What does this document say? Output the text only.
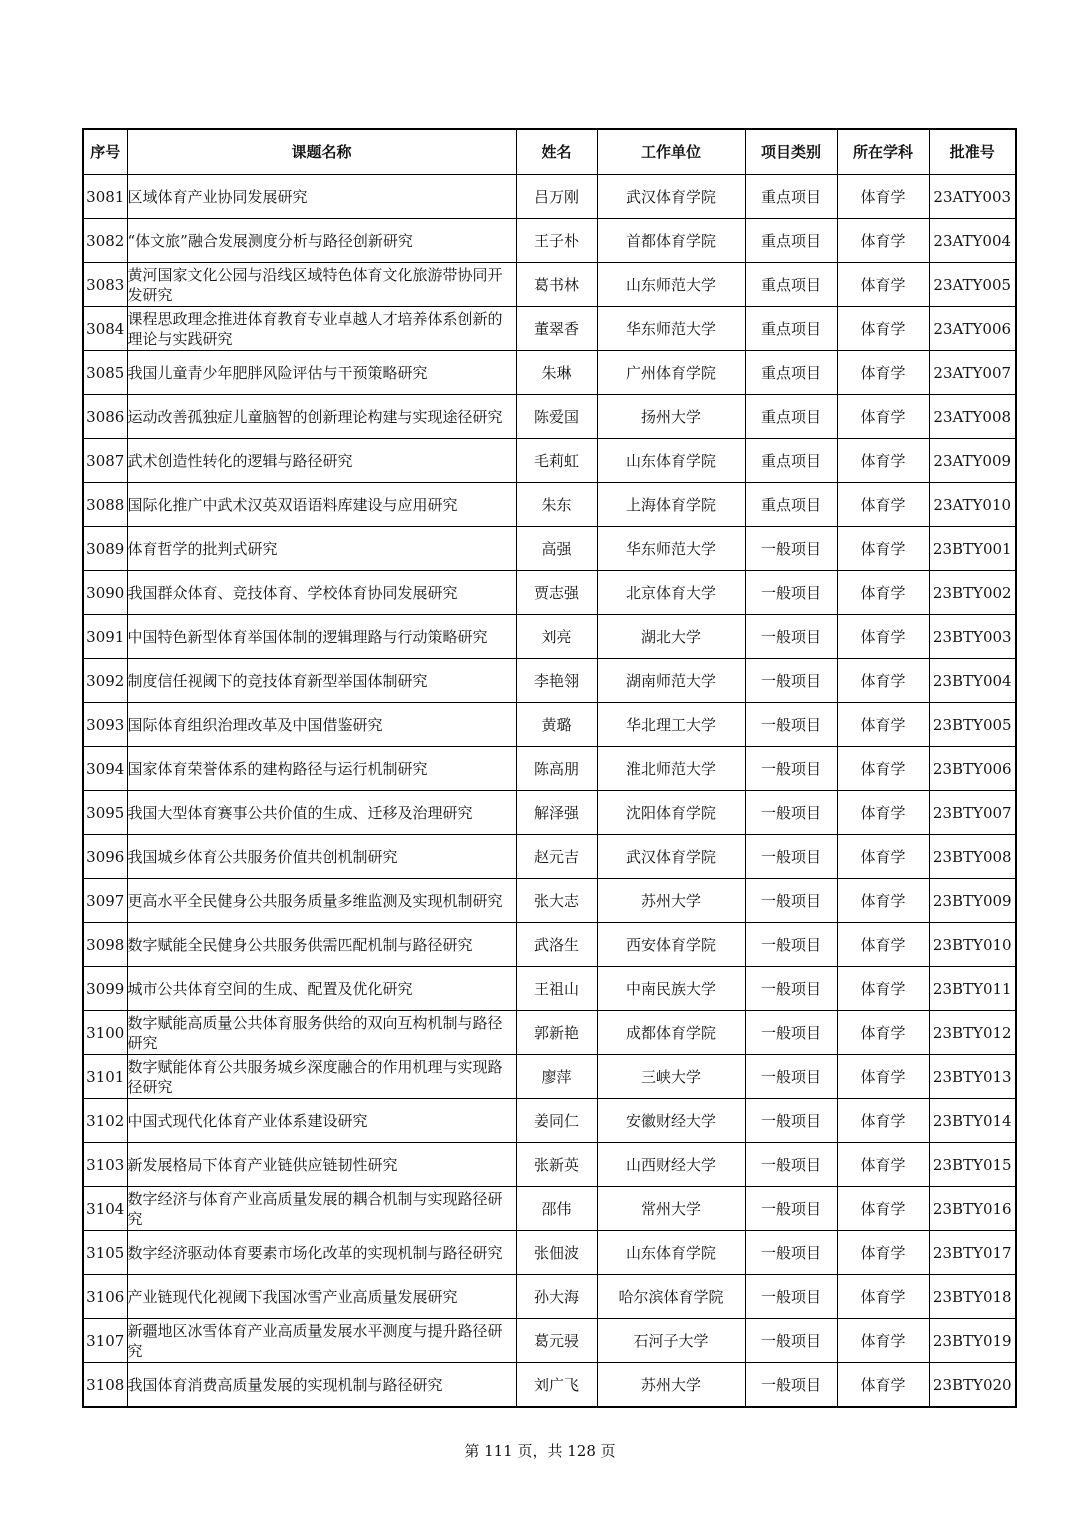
序号	课题名称	姓名	工作单位	项目类别	所在学科	批准号
3081	区域体育产业协同发展研究	吕万刚	武汉体育学院	重点项目	体育学	23ATY003
3082	“体文旅”融合发展测度分析与路径创新研究	王子朴	首都体育学院	重点项目	体育学	23ATY004
3083	黄河国家文化公园与沿线区域特色体育文化旅游带协同开发研究	葛书林	山东师范大学	重点项目	体育学	23ATY005
3084	课程思政理念推进体育教育专业卓越人才培养体系创新的理论与实践研究	董翠香	华东师范大学	重点项目	体育学	23ATY006
3085	我国儿童青少年肥胖风险评估与干预策略研究	朱琳	广州体育学院	重点项目	体育学	23ATY007
3086	运动改善孤独症儿童脑智的创新理论构建与实现途径研究	陈爱国	扬州大学	重点项目	体育学	23ATY008
3087	武术创造性转化的逻辑与路径研究	毛莉虹	山东体育学院	重点项目	体育学	23ATY009
3088	国际化推广中武术汉英双语语料库建设与应用研究	朱东	上海体育学院	重点项目	体育学	23ATY010
3089	体育哲学的批判式研究	高强	华东师范大学	一般项目	体育学	23BTY001
3090	我国群众体育、竞技体育、学校体育协同发展研究	贾志强	北京体育大学	一般项目	体育学	23BTY002
3091	中国特色新型体育举国体制的逻辑理路与行动策略研究	刘亮	湖北大学	一般项目	体育学	23BTY003
3092	制度信任视阈下的竞技体育新型举国体制研究	李艳翎	湖南师范大学	一般项目	体育学	23BTY004
3093	国际体育组织治理改革及中国借鉴研究	黄璐	华北理工大学	一般项目	体育学	23BTY005
3094	国家体育荣誉体系的建构路径与运行机制研究	陈高朋	淮北师范大学	一般项目	体育学	23BTY006
3095	我国大型体育赛事公共价值的生成、迁移及治理研究	解泽强	沈阳体育学院	一般项目	体育学	23BTY007
3096	我国城乡体育公共服务价值共创机制研究	赵元吉	武汉体育学院	一般项目	体育学	23BTY008
3097	更高水平全民健身公共服务质量多维监测及实现机制研究	张大志	苏州大学	一般项目	体育学	23BTY009
3098	数字赋能全民健身公共服务供需匹配机制与路径研究	武洛生	西安体育学院	一般项目	体育学	23BTY010
3099	城市公共体育空间的生成、配置及优化研究	王祖山	中南民族大学	一般项目	体育学	23BTY011
3100	数字赋能高质量公共体育服务供给的双向互构机制与路径研究	郭新艳	成都体育学院	一般项目	体育学	23BTY012
3101	数字赋能体育公共服务城乡深度融合的作用机理与实现路径研究	廖萍	三峡大学	一般项目	体育学	23BTY013
3102	中国式现代化体育产业体系建设研究	姜同仁	安徽财经大学	一般项目	体育学	23BTY014
3103	新发展格局下体育产业链供应链韧性研究	张新英	山西财经大学	一般项目	体育学	23BTY015
3104	数字经济与体育产业高质量发展的耦合机制与实现路径研究	邵伟	常州大学	一般项目	体育学	23BTY016
3105	数字经济驱动体育要素市场化改革的实现机制与路径研究	张佃波	山东体育学院	一般项目	体育学	23BTY017
3106	产业链现代化视阈下我国冰雪产业高质量发展研究	孙大海	哈尔滨体育学院	一般项目	体育学	23BTY018
3107	新疆地区冰雪体育产业高质量发展水平测度与提升路径研究	葛元骎	石河子大学	一般项目	体育学	23BTY019
3108	我国体育消费高质量发展的实现机制与路径研究	刘广飞	苏州大学	一般项目	体育学	23BTY020
第 111 页，共 128 页
